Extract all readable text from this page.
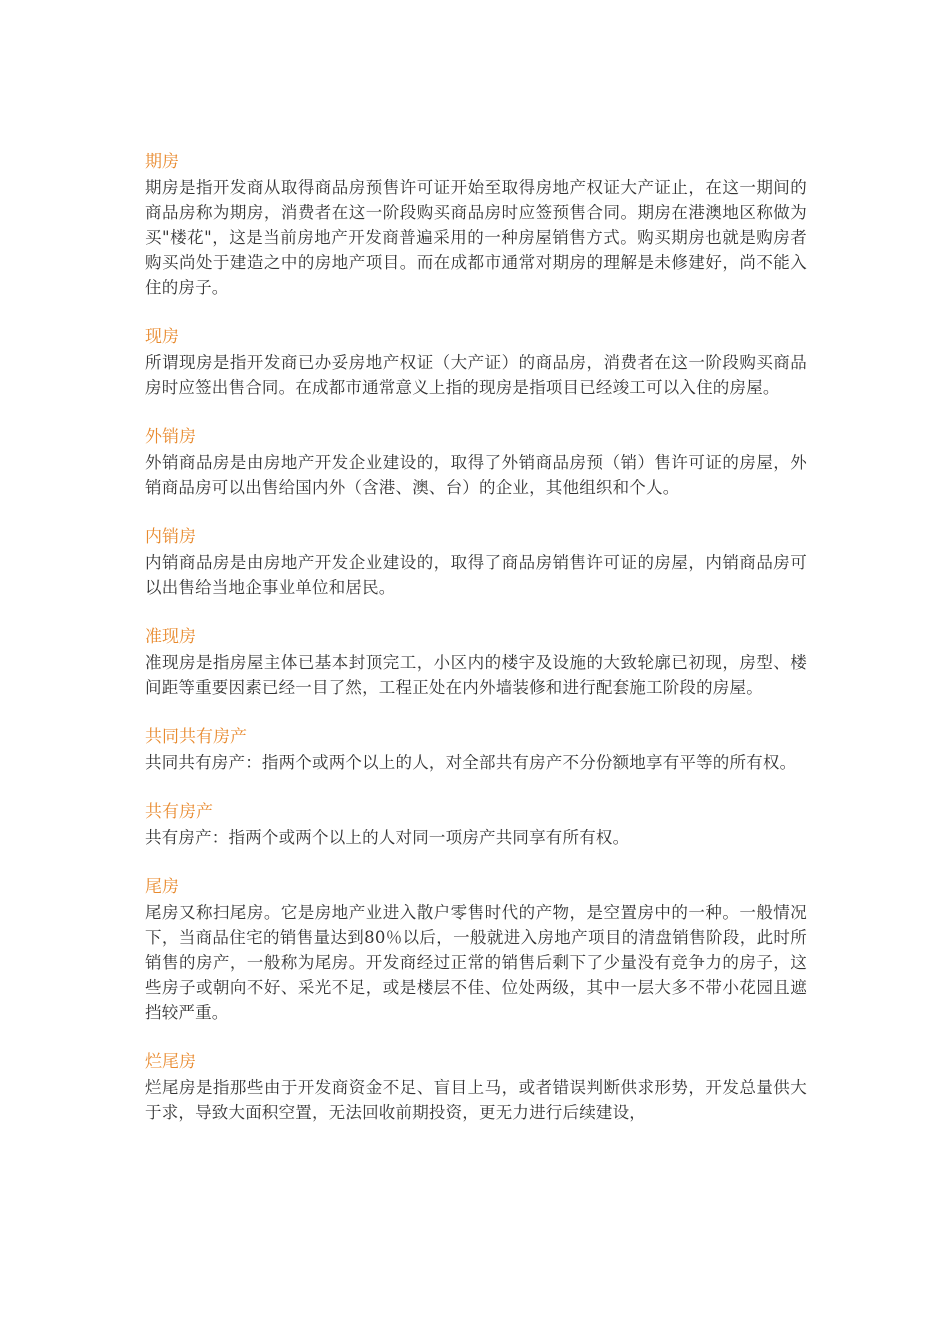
期房

期房是指开发商从取得商品房预售许可证开始至取得房地产权证大产证止，在这一期间的商品房称为期房，消费者在这一阶段购买商品房时应签预售合同。期房在港澳地区称做为买"楼花"，这是当前房地产开发商普遍采用的一种房屋销售方式。购买期房也就是购房者购买尚处于建造之中的房地产项目。而在成都市通常对期房的理解是未修建好，尚不能入住的房子。

现房

所谓现房是指开发商已办妥房地产权证（大产证）的商品房，消费者在这一阶段购买商品房时应签出售合同。在成都市通常意义上指的现房是指项目已经竣工可以入住的房屋。

外销房

外销商品房是由房地产开发企业建设的，取得了外销商品房预（销）售许可证的房屋，外销商品房可以出售给国内外（含港、澳、台）的企业，其他组织和个人。

内销房

内销商品房是由房地产开发企业建设的，取得了商品房销售许可证的房屋，内销商品房可以出售给当地企事业单位和居民。

准现房

准现房是指房屋主体已基本封顶完工，小区内的楼宇及设施的大致轮廓已初现，房型、楼间距等重要因素已经一目了然，工程正处在内外墙装修和进行配套施工阶段的房屋。

共同共有房产

共同共有房产：指两个或两个以上的人，对全部共有房产不分份额地享有平等的所有权。

共有房产

共有房产：指两个或两个以上的人对同一项房产共同享有所有权。

尾房

尾房又称扫尾房。它是房地产业进入散户零售时代的产物，是空置房中的一种。一般情况下，当商品住宅的销售量达到80％以后，一般就进入房地产项目的清盘销售阶段，此时所销售的房产，一般称为尾房。开发商经过正常的销售后剩下了少量没有竞争力的房子，这些房子或朝向不好、采光不足，或是楼层不佳、位处两级，其中一层大多不带小花园且遮挡较严重。

烂尾房

烂尾房是指那些由于开发商资金不足、盲目上马，或者错误判断供求形势，开发总量供大于求，导致大面积空置，无法回收前期投资，更无力进行后续建设，
